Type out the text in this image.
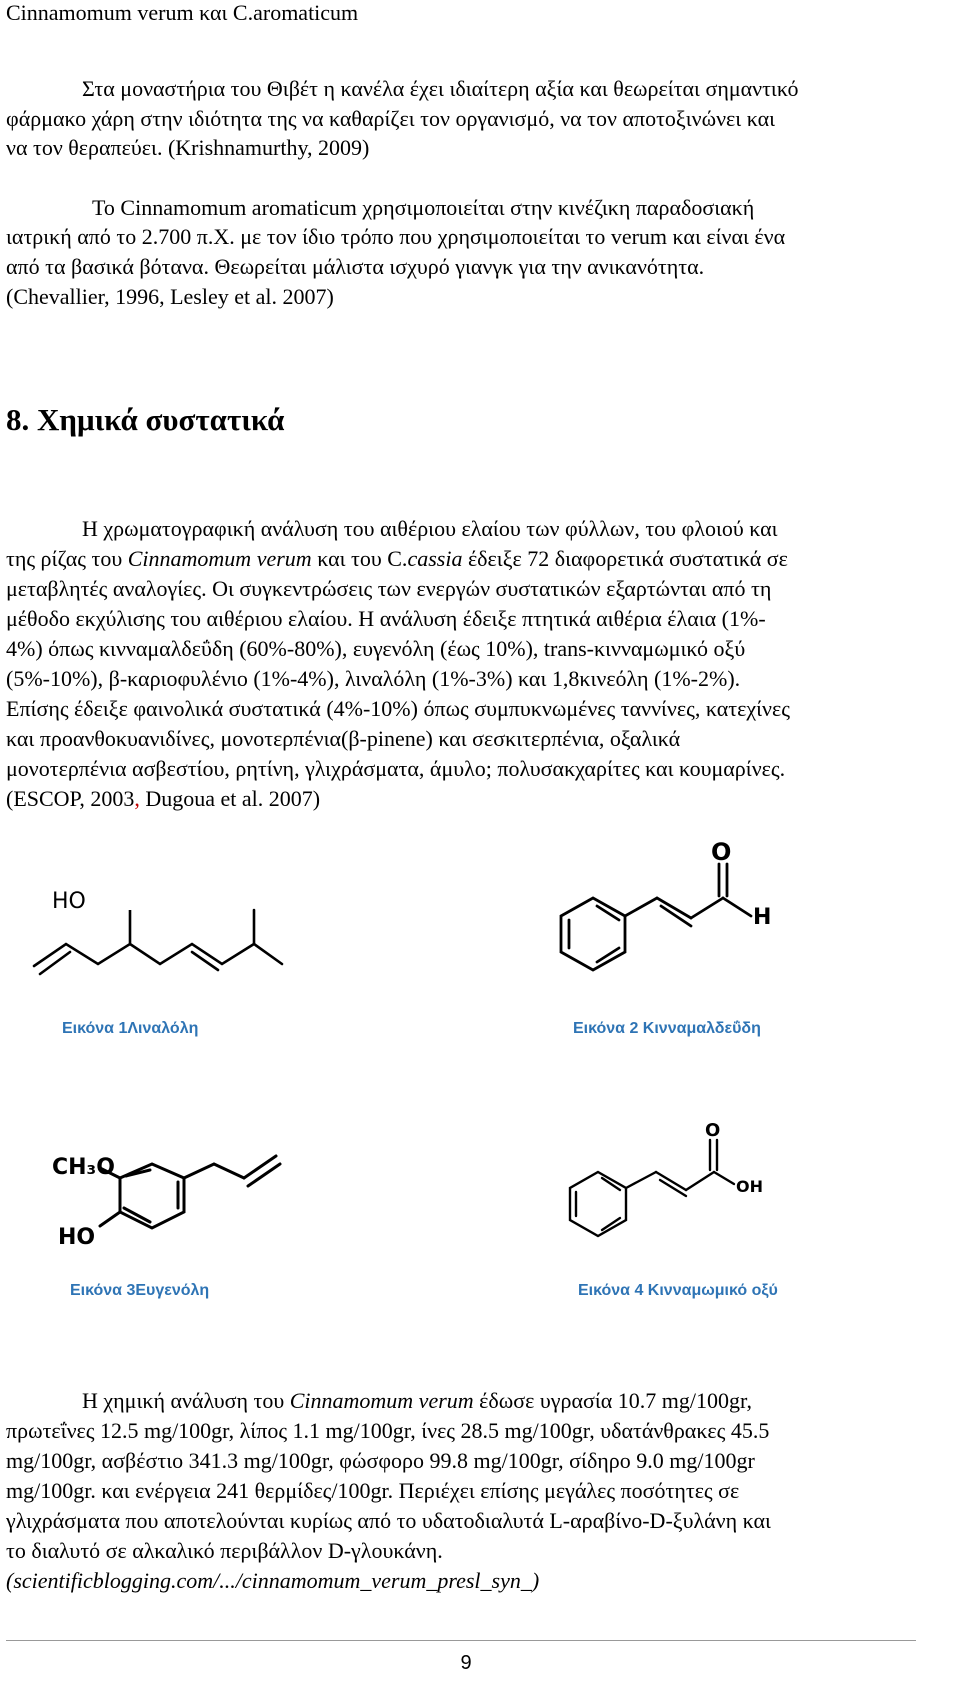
Cinnamomum verum και C.aromaticum
Στα μοναστήρια του Θιβέτ η κανέλα έχει ιδιαίτερη αξία και θεωρείται σημαντικό
φάρμακο χάρη στην ιδιότητα της να καθαρίζει τον οργανισμό, να τον αποτοξινώνει και
να τον θεραπεύει. (Krishnamurthy, 2009)
Το Cinnamomum aromaticum χρησιμοποιείται στην κινέζικη παραδοσιακή
ιατρική από το 2.700 π.Χ. με τον ίδιο τρόπο που χρησιμοποιείται το verum και είναι ένα
από τα βασικά βότανα. Θεωρείται μάλιστα ισχυρό γιανγκ για την ανικανότητα.
(Chevallier, 1996, Lesley et al. 2007)
8. Χημικά συστατικά
Η χρωματογραφική ανάλυση του αιθέριου ελαίου των φύλλων, του φλοιού και
της ρίζας του Cinnamomum verum και του C.cassia έδειξε 72 διαφορετικά συστατικά σε
μεταβλητές αναλογίες. Οι συγκεντρώσεις των ενεργών συστατικών εξαρτώνται από τη
μέθοδο εκχύλισης του αιθέριου ελαίου. Η ανάλυση έδειξε πτητικά αιθέρια έλαια (1%-
4%) όπως κινναμαλδεΰδη (60%-80%), ευγενόλη (έως 10%), trans-κινναμωμικό οξύ
(5%-10%), β-καριοφυλένιο (1%-4%), λιναλόλη (1%-3%) και 1,8κινεόλη (1%-2%).
Επίσης έδειξε φαινολικά συστατικά (4%-10%) όπως συμπυκνωμένες ταννίνες, κατεχίνες
και προανθοκυανιδίνες, μονοτερπένια(β-pinene) και σεσκιτερπένια, οξαλικά
μονοτερπένια ασβεστίου, ρητίνη, γλιχράσματα, άμυλο; πολυσακχαρίτες και κουμαρίνες.
(ESCOP, 2003, Dugoua et al. 2007)
HO
Εικόνα 1Λιναλόλη
O
H
Εικόνα 2 Κινναμαλδεΰδη
CH₃O
HO
Εικόνα 3Ευγενόλη
O
OH
Εικόνα 4 Κινναμωμικό οξύ
Η χημική ανάλυση του Cinnamomum verum έδωσε υγρασία 10.7 mg/100gr,
πρωτεΐνες 12.5 mg/100gr, λίπος 1.1 mg/100gr, ίνες 28.5 mg/100gr, υδατάνθρακες 45.5
mg/100gr, ασβέστιο 341.3 mg/100gr, φώσφορο 99.8 mg/100gr, σίδηρο 9.0 mg/100gr
mg/100gr. και ενέργεια 241 θερμίδες/100gr. Περιέχει επίσης μεγάλες ποσότητες σε
γλιχράσματα που αποτελούνται κυρίως από το υδατοδιαλυτά L-αραβίνο-D-ξυλάνη και
το διαλυτό σε αλκαλικό περιβάλλον D-γλουκάνη.
(scientificblogging.com/.../cinnamomum_verum_presl_syn_)
9
